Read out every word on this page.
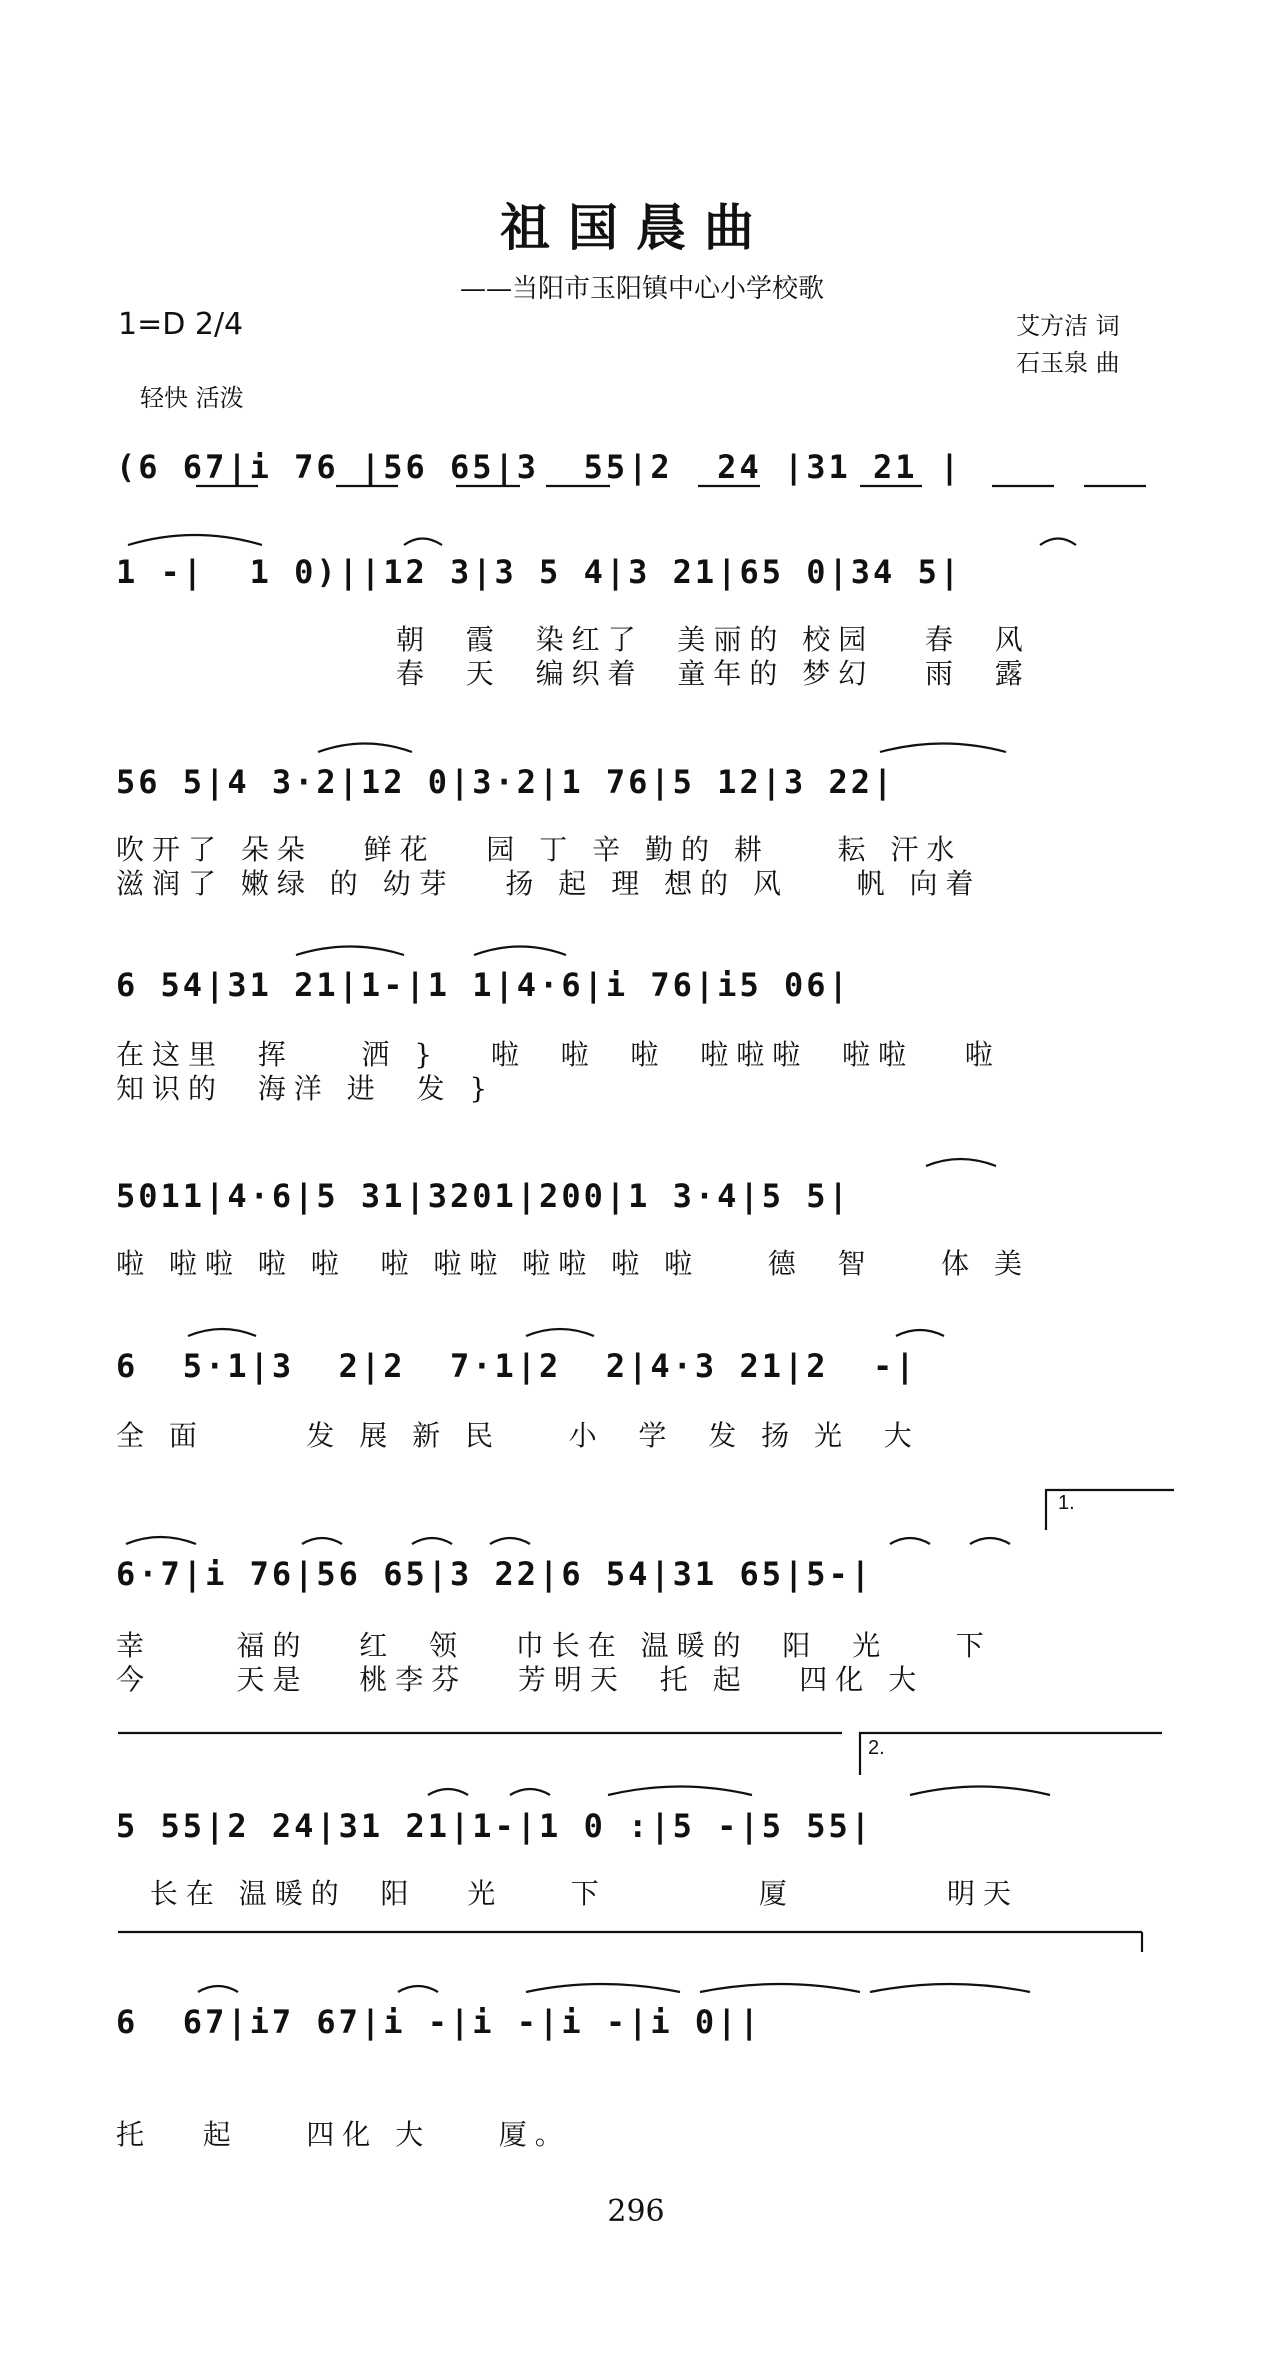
祖国晨曲
——当阳市玉阳镇中心小学校歌
1=D 2/4	艾方洁 词
石玉泉 曲
轻快 活泼
(6 67|i 76 |56 65|3  55|2  24 |31 21 |
1 -|  1 0)||12 3|3 5 4|3 21|65 0|34 5|
朝  霞  染红了  美丽的 校园   春  风
春  天  编织着  童年的 梦幻   雨  露
56 5|4 3·2|12 0|3·2|1 76|5 12|3 22|
吹开了 朵朵   鲜花   园 丁 辛 勤的 耕    耘 汗水
滋润了 嫩绿 的 幼芽   扬 起 理 想的 风    帆 向着
6 54|31 21|1-|1 1|4·6|i 76|i5 06|
在这里  挥    洒 }   啦  啦  啦  啦啦啦  啦啦   啦
知识的  海洋 进  发 }
5011|4·6|5 31|3201|200|1 3·4|5 5|
啦 啦啦 啦 啦  啦 啦啦 啦啦 啦 啦    德  智    体 美
6  5·1|3  2|2  7·1|2  2|4·3 21|2  -|
全 面      发 展 新 民    小  学  发 扬 光  大
1.
6·7|i 76|56 65|3 22|6 54|31 65|5-|
幸     福的   红  领   巾长在 温暖的  阳  光    下
今     天是   桃李芬   芳明天  托 起   四化 大
2.
5 55|2 24|31 21|1-|1 0 :|5 -|5 55|
长在 温暖的  阳   光    下         厦         明天
6  67|i7 67|i -|i -|i -|i 0||
托   起    四化 大    厦。
296
